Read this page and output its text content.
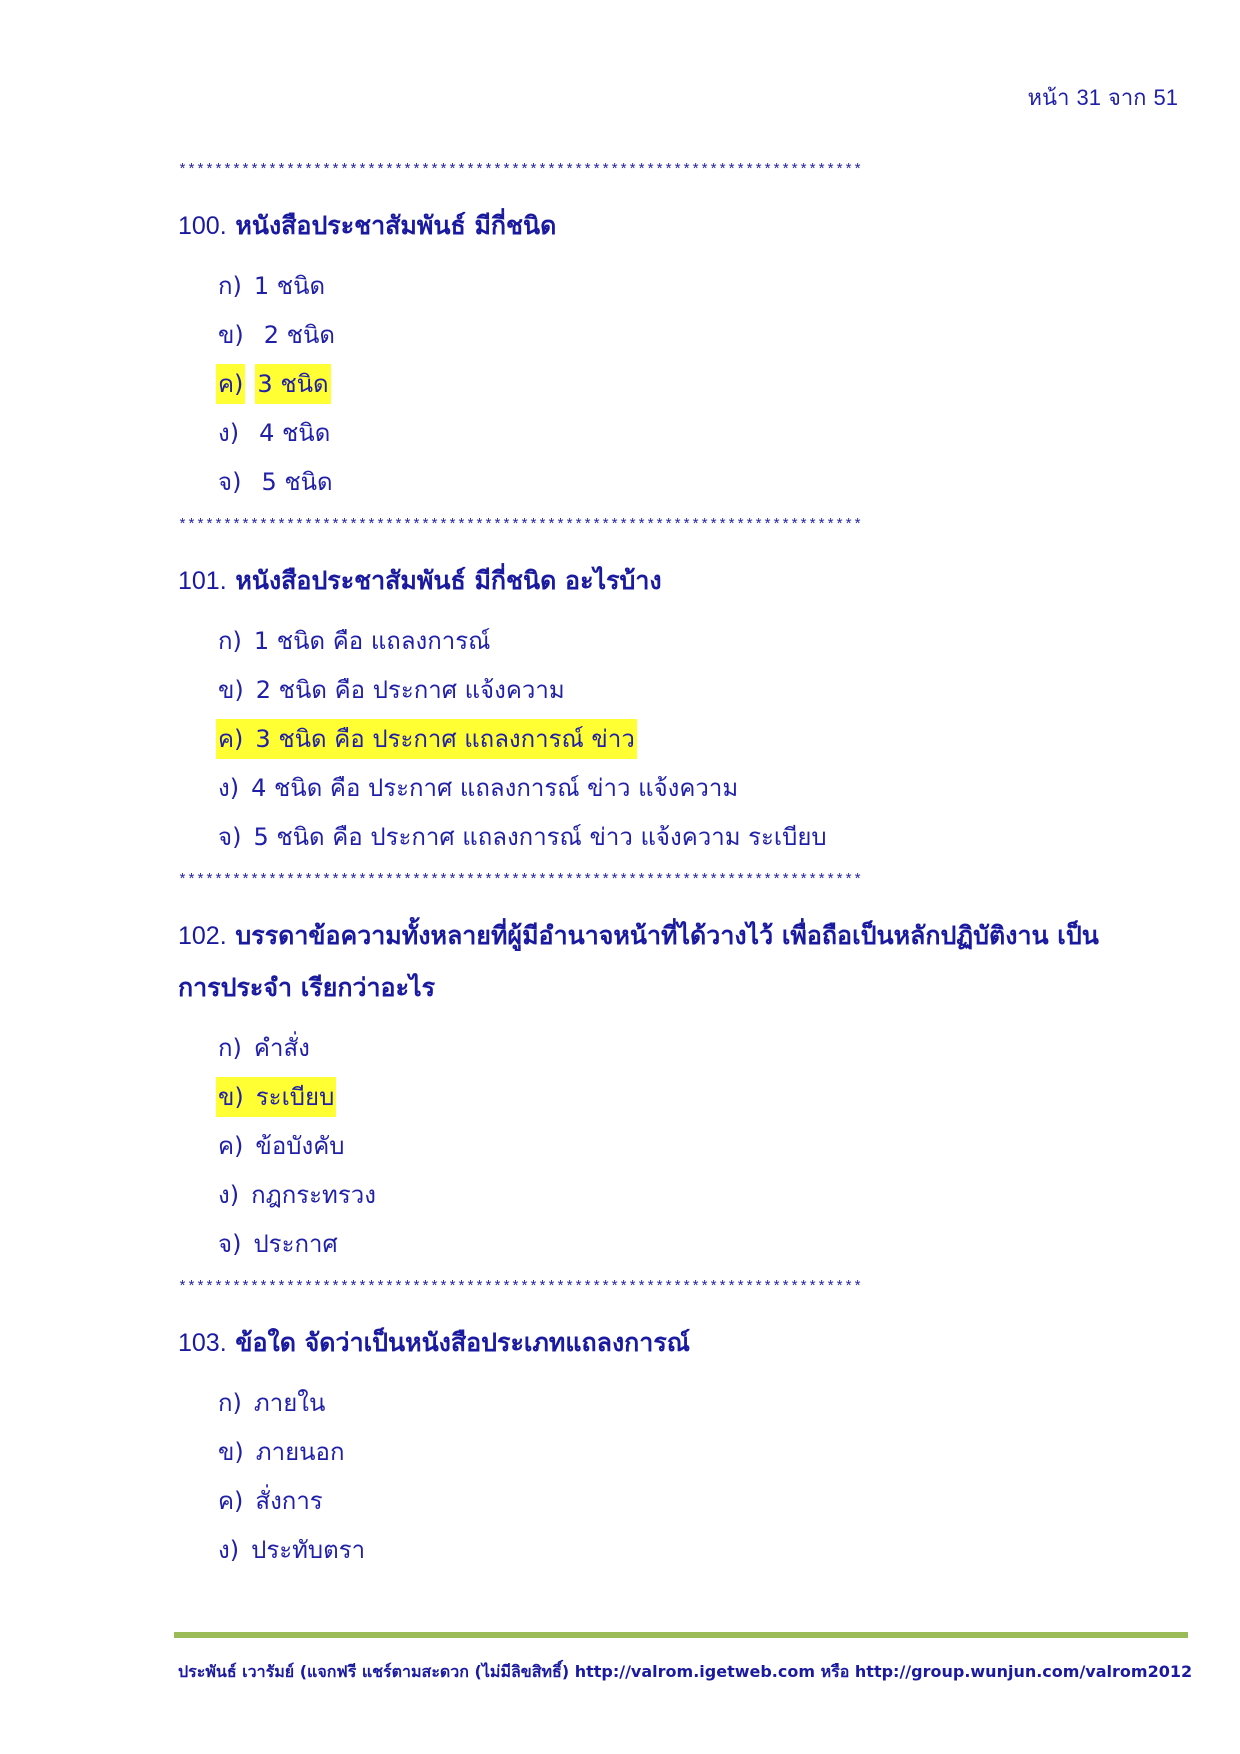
หน้า 31 จาก 51
****************************************************************************
100. หนังสือประชาสัมพันธ์ มีกี่ชนิด
ก) 1 ชนิด
ข) 2 ชนิด
ค) 3 ชนิด
ง) 4 ชนิด
จ) 5 ชนิด
****************************************************************************
101. หนังสือประชาสัมพันธ์ มีกี่ชนิด อะไรบ้าง
ก) 1 ชนิด คือ แถลงการณ์
ข) 2 ชนิด คือ ประกาศ แจ้งความ
ค) 3 ชนิด คือ ประกาศ แถลงการณ์ ข่าว
ง) 4 ชนิด คือ ประกาศ แถลงการณ์ ข่าว แจ้งความ
จ) 5 ชนิด คือ ประกาศ แถลงการณ์ ข่าว แจ้งความ ระเบียบ
****************************************************************************
102. บรรดาข้อความทั้งหลายที่ผู้มีอำนาจหน้าที่ได้วางไว้ เพื่อถือเป็นหลักปฏิบัติงาน เป็น
การประจำ เรียกว่าอะไร
ก) คำสั่ง
ข) ระเบียบ
ค) ข้อบังคับ
ง) กฎกระทรวง
จ) ประกาศ
****************************************************************************
103. ข้อใด จัดว่าเป็นหนังสือประเภทแถลงการณ์
ก) ภายใน
ข) ภายนอก
ค) สั่งการ
ง) ประทับตรา
ประพันธ์ เวารัมย์ (แจกฟรี แชร์ตามสะดวก (ไม่มีลิขสิทธิ์) http://valrom.igetweb.com หรือ http://group.wunjun.com/valrom2012
